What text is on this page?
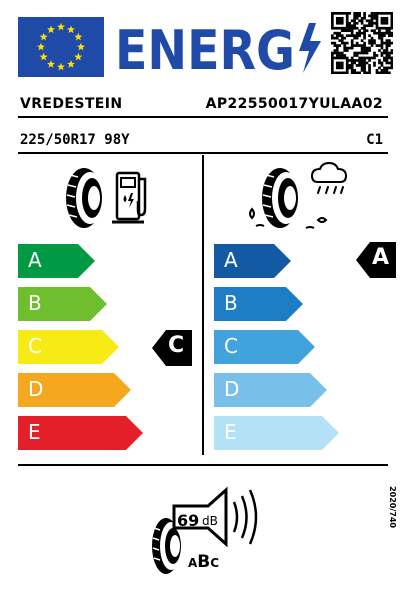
ENERG
VREDESTEIN	AP22550017YULAA02
225/50R17 98Y	C1
A
B
C
D
E
A
B
C
D
E
C
A
69 dB
ABC
2020/740
